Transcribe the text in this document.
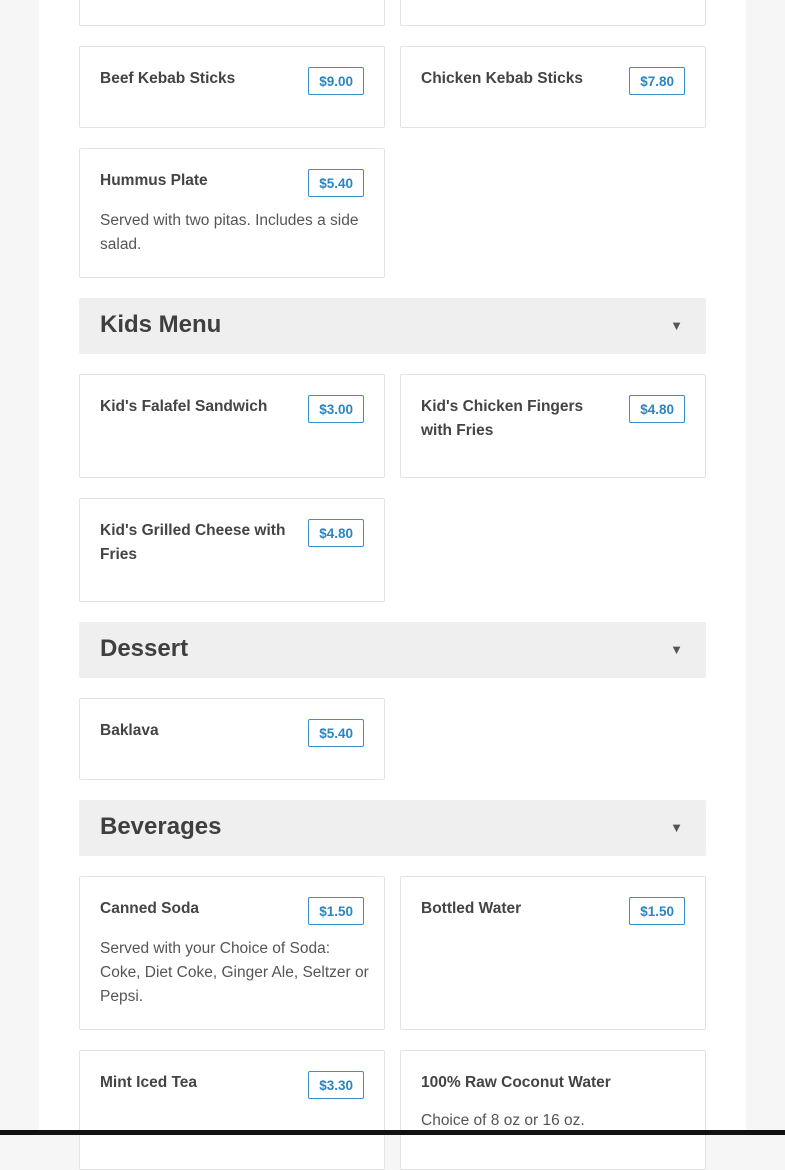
Beef Kebab Sticks	$9.00	Chicken Kebab Sticks	$7.80
Hummus Plate	$5.40
Served with two pitas. Includes a side salad.
Kids Menu	▼
Kid's Falafel Sandwich	$3.00	Kid's Chicken Fingers with Fries
$4.80
Kid's Grilled Cheese with Fries
$4.80
Dessert	▼
Baklava	$5.40
Beverages	▼
Canned Soda	$1.50
Served with your Choice of Soda: Coke, Diet Coke, Ginger Ale, Seltzer or Pepsi.
Bottled Water	$1.50
Mint Iced Tea	$3.30	100% Raw Coconut Water
Choice of 8 oz or 16 oz.
